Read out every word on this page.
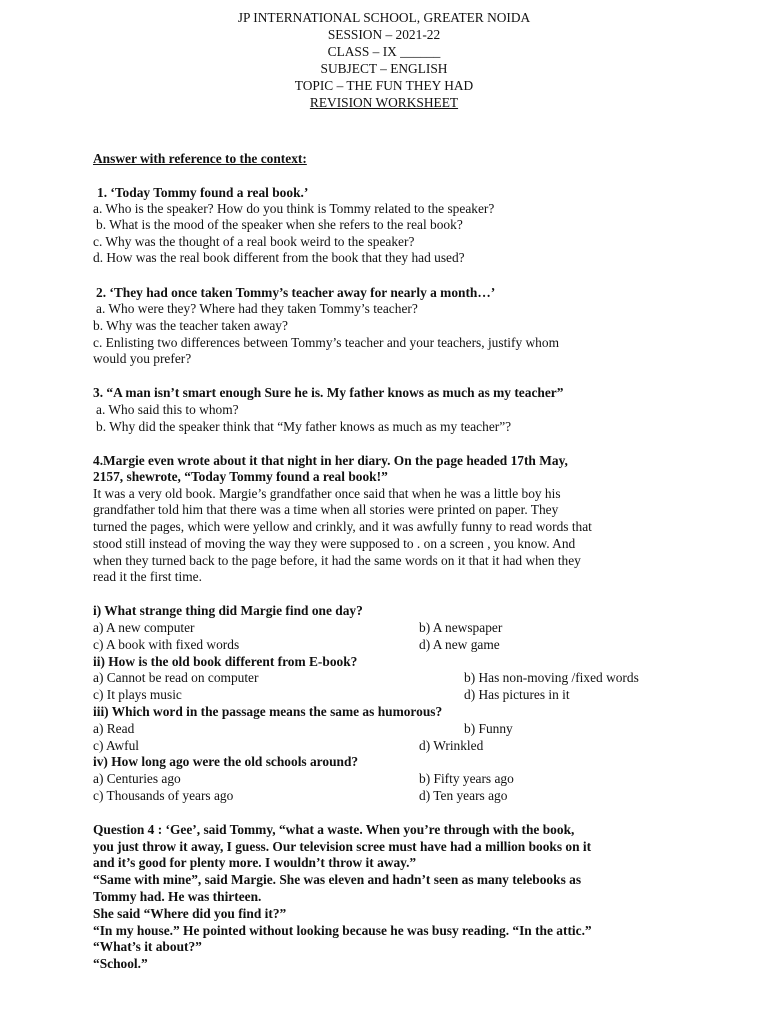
JP INTERNATIONAL SCHOOL, GREATER NOIDA
SESSION – 2021-22
CLASS – IX ______
SUBJECT – ENGLISH
TOPIC – THE FUN THEY HAD
REVISION WORKSHEET
Answer with reference to the context:
1. ‘Today Tommy found a real book.’
a. Who is the speaker? How do you think is Tommy related to the speaker?
b. What is the mood of the speaker when she refers to the real book?
c. Why was the thought of a real book weird to the speaker?
d. How was the real book different from the book that they had used?
2. ‘They had once taken Tommy’s teacher away for nearly a month…’
a. Who were they? Where had they taken Tommy’s teacher?
b. Why was the teacher taken away?
c. Enlisting two differences between Tommy’s teacher and your teachers, justify whom
would you prefer?
3. “A man isn’t smart enough Sure he is. My father knows as much as my teacher”
a. Who said this to whom?
b. Why did the speaker think that “My father knows as much as my teacher”?
4.Margie even wrote about it that night in her diary. On the page headed 17th May,
2157, shewrote, “Today Tommy found a real book!”
It was a very old book. Margie’s grandfather once said that when he was a little boy his
grandfather told him that there was a time when all stories were printed on paper. They
turned the pages, which were yellow and crinkly, and it was awfully funny to read words that
stood still instead of moving the way they were supposed to . on a screen , you know. And
when they turned back to the page before, it had the same words on it that it had when they
read it the first time.
i) What strange thing did Margie find one day?
a) A new computer	b) A newspaper
c) A book with fixed words	d) A new game
ii) How is the old book different from E-book?
a) Cannot be read on computer	b) Has non-moving /fixed words
c) It plays music	d) Has pictures in it
iii) Which word in the passage means the same as humorous?
a) Read	b) Funny
c) Awful	d) Wrinkled
iv) How long ago were the old schools around?
a) Centuries ago	b) Fifty years ago
c) Thousands of years ago	d) Ten years ago
Question 4 : ‘Gee’, said Tommy, “what a waste. When you’re through with the book,
you just throw it away, I guess. Our television scree must have had a million books on it
and it’s good for plenty more. I wouldn’t throw it away.”
“Same with mine”, said Margie. She was eleven and hadn’t seen as many telebooks as
Tommy had. He was thirteen.
She said “Where did you find it?”
“In my house.” He pointed without looking because he was busy reading. “In the attic.”
“What’s it about?”
“School.”
